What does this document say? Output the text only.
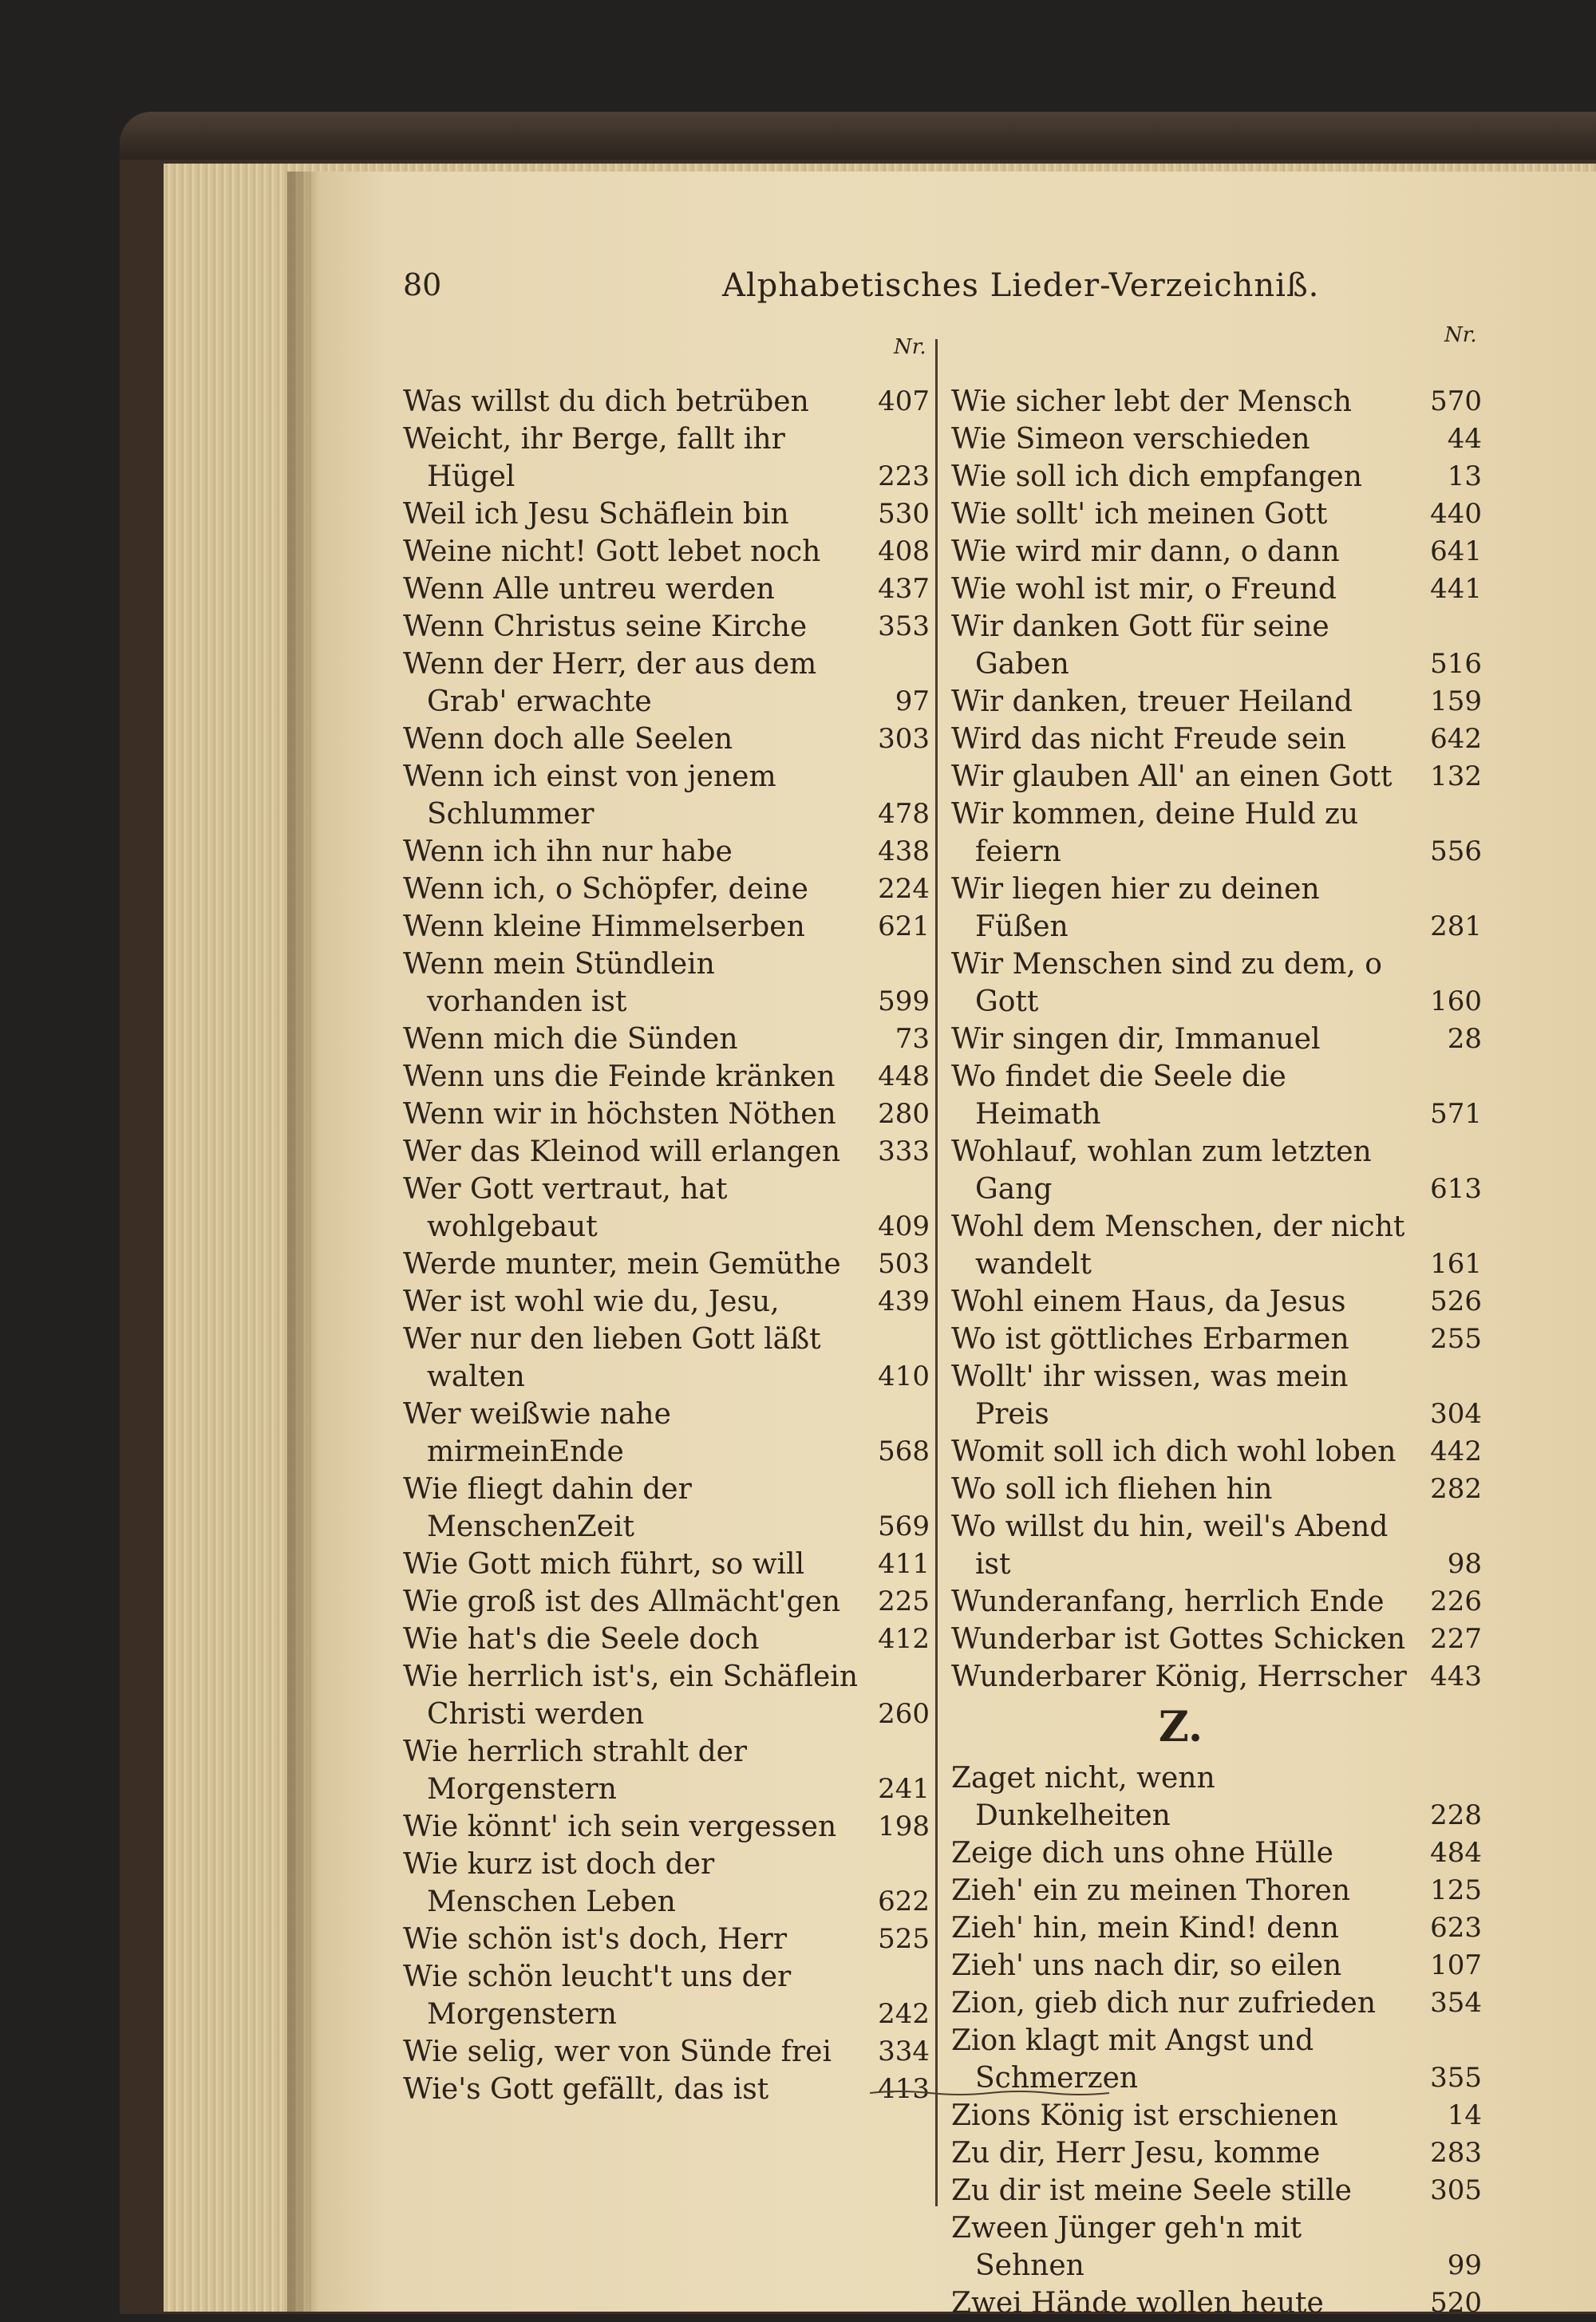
80	Alphabetisches Lieder-Verzeichniß.
Nr.	Nr.
Was willst du dich betrüben	407
Weicht, ihr Berge, fallt ihr Hügel	223
Weil ich Jesu Schäflein bin	530
Weine nicht! Gott lebet noch	408
Wenn Alle untreu werden	437
Wenn Christus seine Kirche	353
Wenn der Herr, der aus dem Grab' erwachte	97
Wenn doch alle Seelen	303
Wenn ich einst von jenem Schlummer	478
Wenn ich ihn nur habe	438
Wenn ich, o Schöpfer, deine	224
Wenn kleine Himmelserben	621
Wenn mein Stündlein vorhanden ist	599
Wenn mich die Sünden	73
Wenn uns die Feinde kränken	448
Wenn wir in höchsten Nöthen	280
Wer das Kleinod will erlangen	333
Wer Gott vertraut, hat wohlgebaut	409
Werde munter, mein Gemüthe	503
Wer ist wohl wie du, Jesu,	439
Wer nur den lieben Gott läßt walten	410
Wer weißwie nahe mirmeinEnde	568
Wie fliegt dahin der MenschenZeit	569
Wie Gott mich führt, so will	411
Wie groß ist des Allmächt'gen	225
Wie hat's die Seele doch	412
Wie herrlich ist's, ein Schäflein Christi werden	260
Wie herrlich strahlt der Morgenstern	241
Wie könnt' ich sein vergessen	198
Wie kurz ist doch der Menschen Leben	622
Wie schön ist's doch, Herr	525
Wie schön leucht't uns der Morgenstern	242
Wie selig, wer von Sünde frei	334
Wie's Gott gefällt, das ist	413
Wie sicher lebt der Mensch	570
Wie Simeon verschieden	44
Wie soll ich dich empfangen	13
Wie sollt' ich meinen Gott	440
Wie wird mir dann, o dann	641
Wie wohl ist mir, o Freund	441
Wir danken Gott für seine Gaben	516
Wir danken, treuer Heiland	159
Wird das nicht Freude sein	642
Wir glauben All' an einen Gott	132
Wir kommen, deine Huld zu feiern	556
Wir liegen hier zu deinen Füßen	281
Wir Menschen sind zu dem, o Gott	160
Wir singen dir, Immanuel	28
Wo findet die Seele die Heimath	571
Wohlauf, wohlan zum letzten Gang	613
Wohl dem Menschen, der nicht wandelt	161
Wohl einem Haus, da Jesus	526
Wo ist göttliches Erbarmen	255
Wollt' ihr wissen, was mein Preis	304
Womit soll ich dich wohl loben	442
Wo soll ich fliehen hin	282
Wo willst du hin, weil's Abend ist	98
Wunderanfang, herrlich Ende	226
Wunderbar ist Gottes Schicken 227
Wunderbarer König, Herrscher 443
Z.
Zaget nicht, wenn Dunkelheiten	228
Zeige dich uns ohne Hülle	484
Zieh' ein zu meinen Thoren	125
Zieh' hin, mein Kind! denn	623
Zieh' uns nach dir, so eilen	107
Zion, gieb dich nur zufrieden	354
Zion klagt mit Angst und Schmerzen	355
Zions König ist erschienen	14
Zu dir, Herr Jesu, komme	283
Zu dir ist meine Seele stille	305
Zween Jünger geh'n mit Sehnen	99
Zwei Hände wollen heute	520
